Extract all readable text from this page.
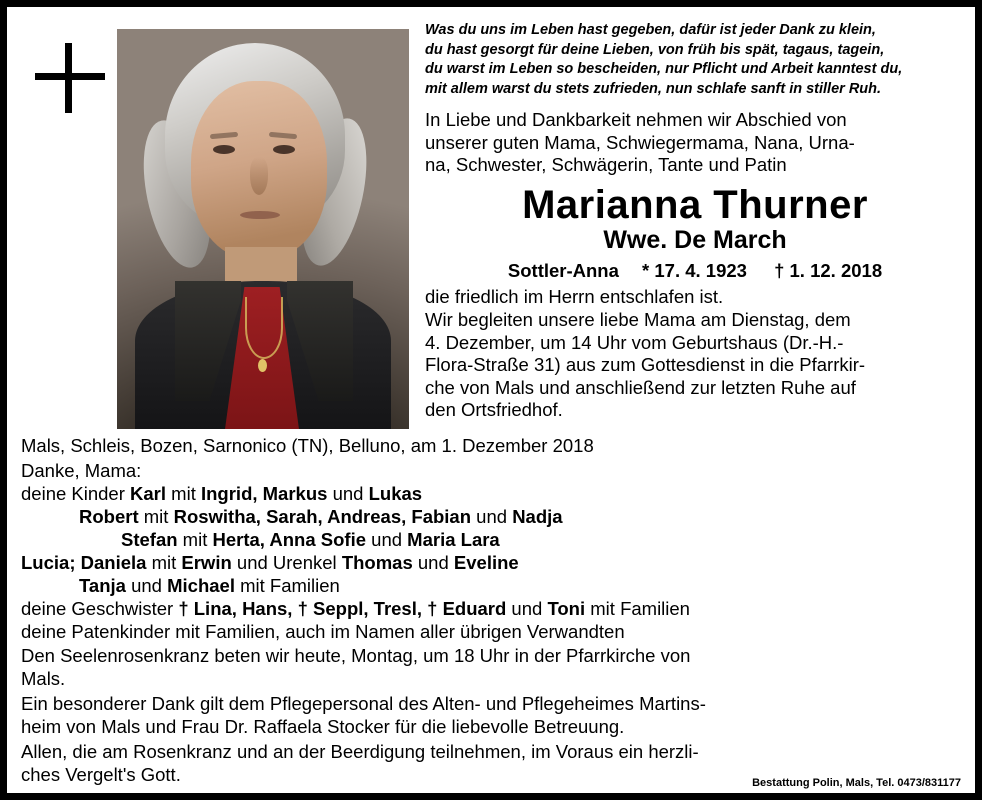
Was du uns im Leben hast gegeben, dafür ist jeder Dank zu klein,
du hast gesorgt für deine Lieben, von früh bis spät, tagaus, tagein,
du warst im Leben so bescheiden, nur Pflicht und Arbeit kanntest du,
mit allem warst du stets zufrieden, nun schlafe sanft in stiller Ruh.
In Liebe und Dankbarkeit nehmen wir Abschied von
unserer guten Mama, Schwiegermama, Nana, Urna-
na, Schwester, Schwägerin, Tante und Patin
Marianna Thurner
Wwe. De March
Sottler-Anna * 17. 4. 1923 † 1. 12. 2018
die friedlich im Herrn entschlafen ist.
Wir begleiten unsere liebe Mama am Dienstag, dem
4. Dezember, um 14 Uhr vom Geburtshaus (Dr.-H.-
Flora-Straße 31) aus zum Gottesdienst in die Pfarrkir-
che von Mals und anschließend zur letzten Ruhe auf
den Ortsfriedhof.
Mals, Schleis, Bozen, Sarnonico (TN), Belluno, am 1. Dezember 2018
Danke, Mama:
deine Kinder Karl mit Ingrid, Markus und Lukas
Robert mit Roswitha, Sarah, Andreas, Fabian und Nadja
Stefan mit Herta, Anna Sofie und Maria Lara
Lucia; Daniela mit Erwin und Urenkel Thomas und Eveline
Tanja und Michael mit Familien
deine Geschwister † Lina, Hans, † Seppl, Tresl, † Eduard und Toni mit Familien
deine Patenkinder mit Familien, auch im Namen aller übrigen Verwandten
Den Seelenrosenkranz beten wir heute, Montag, um 18 Uhr in der Pfarrkirche von
Mals.
Ein besonderer Dank gilt dem Pflegepersonal des Alten- und Pflegeheimes Martins-
heim von Mals und Frau Dr. Raffaela Stocker für die liebevolle Betreuung.
Allen, die am Rosenkranz und an der Beerdigung teilnehmen, im Voraus ein herzli-
ches Vergelt's Gott.	Bestattung Polin, Mals, Tel. 0473/831177
